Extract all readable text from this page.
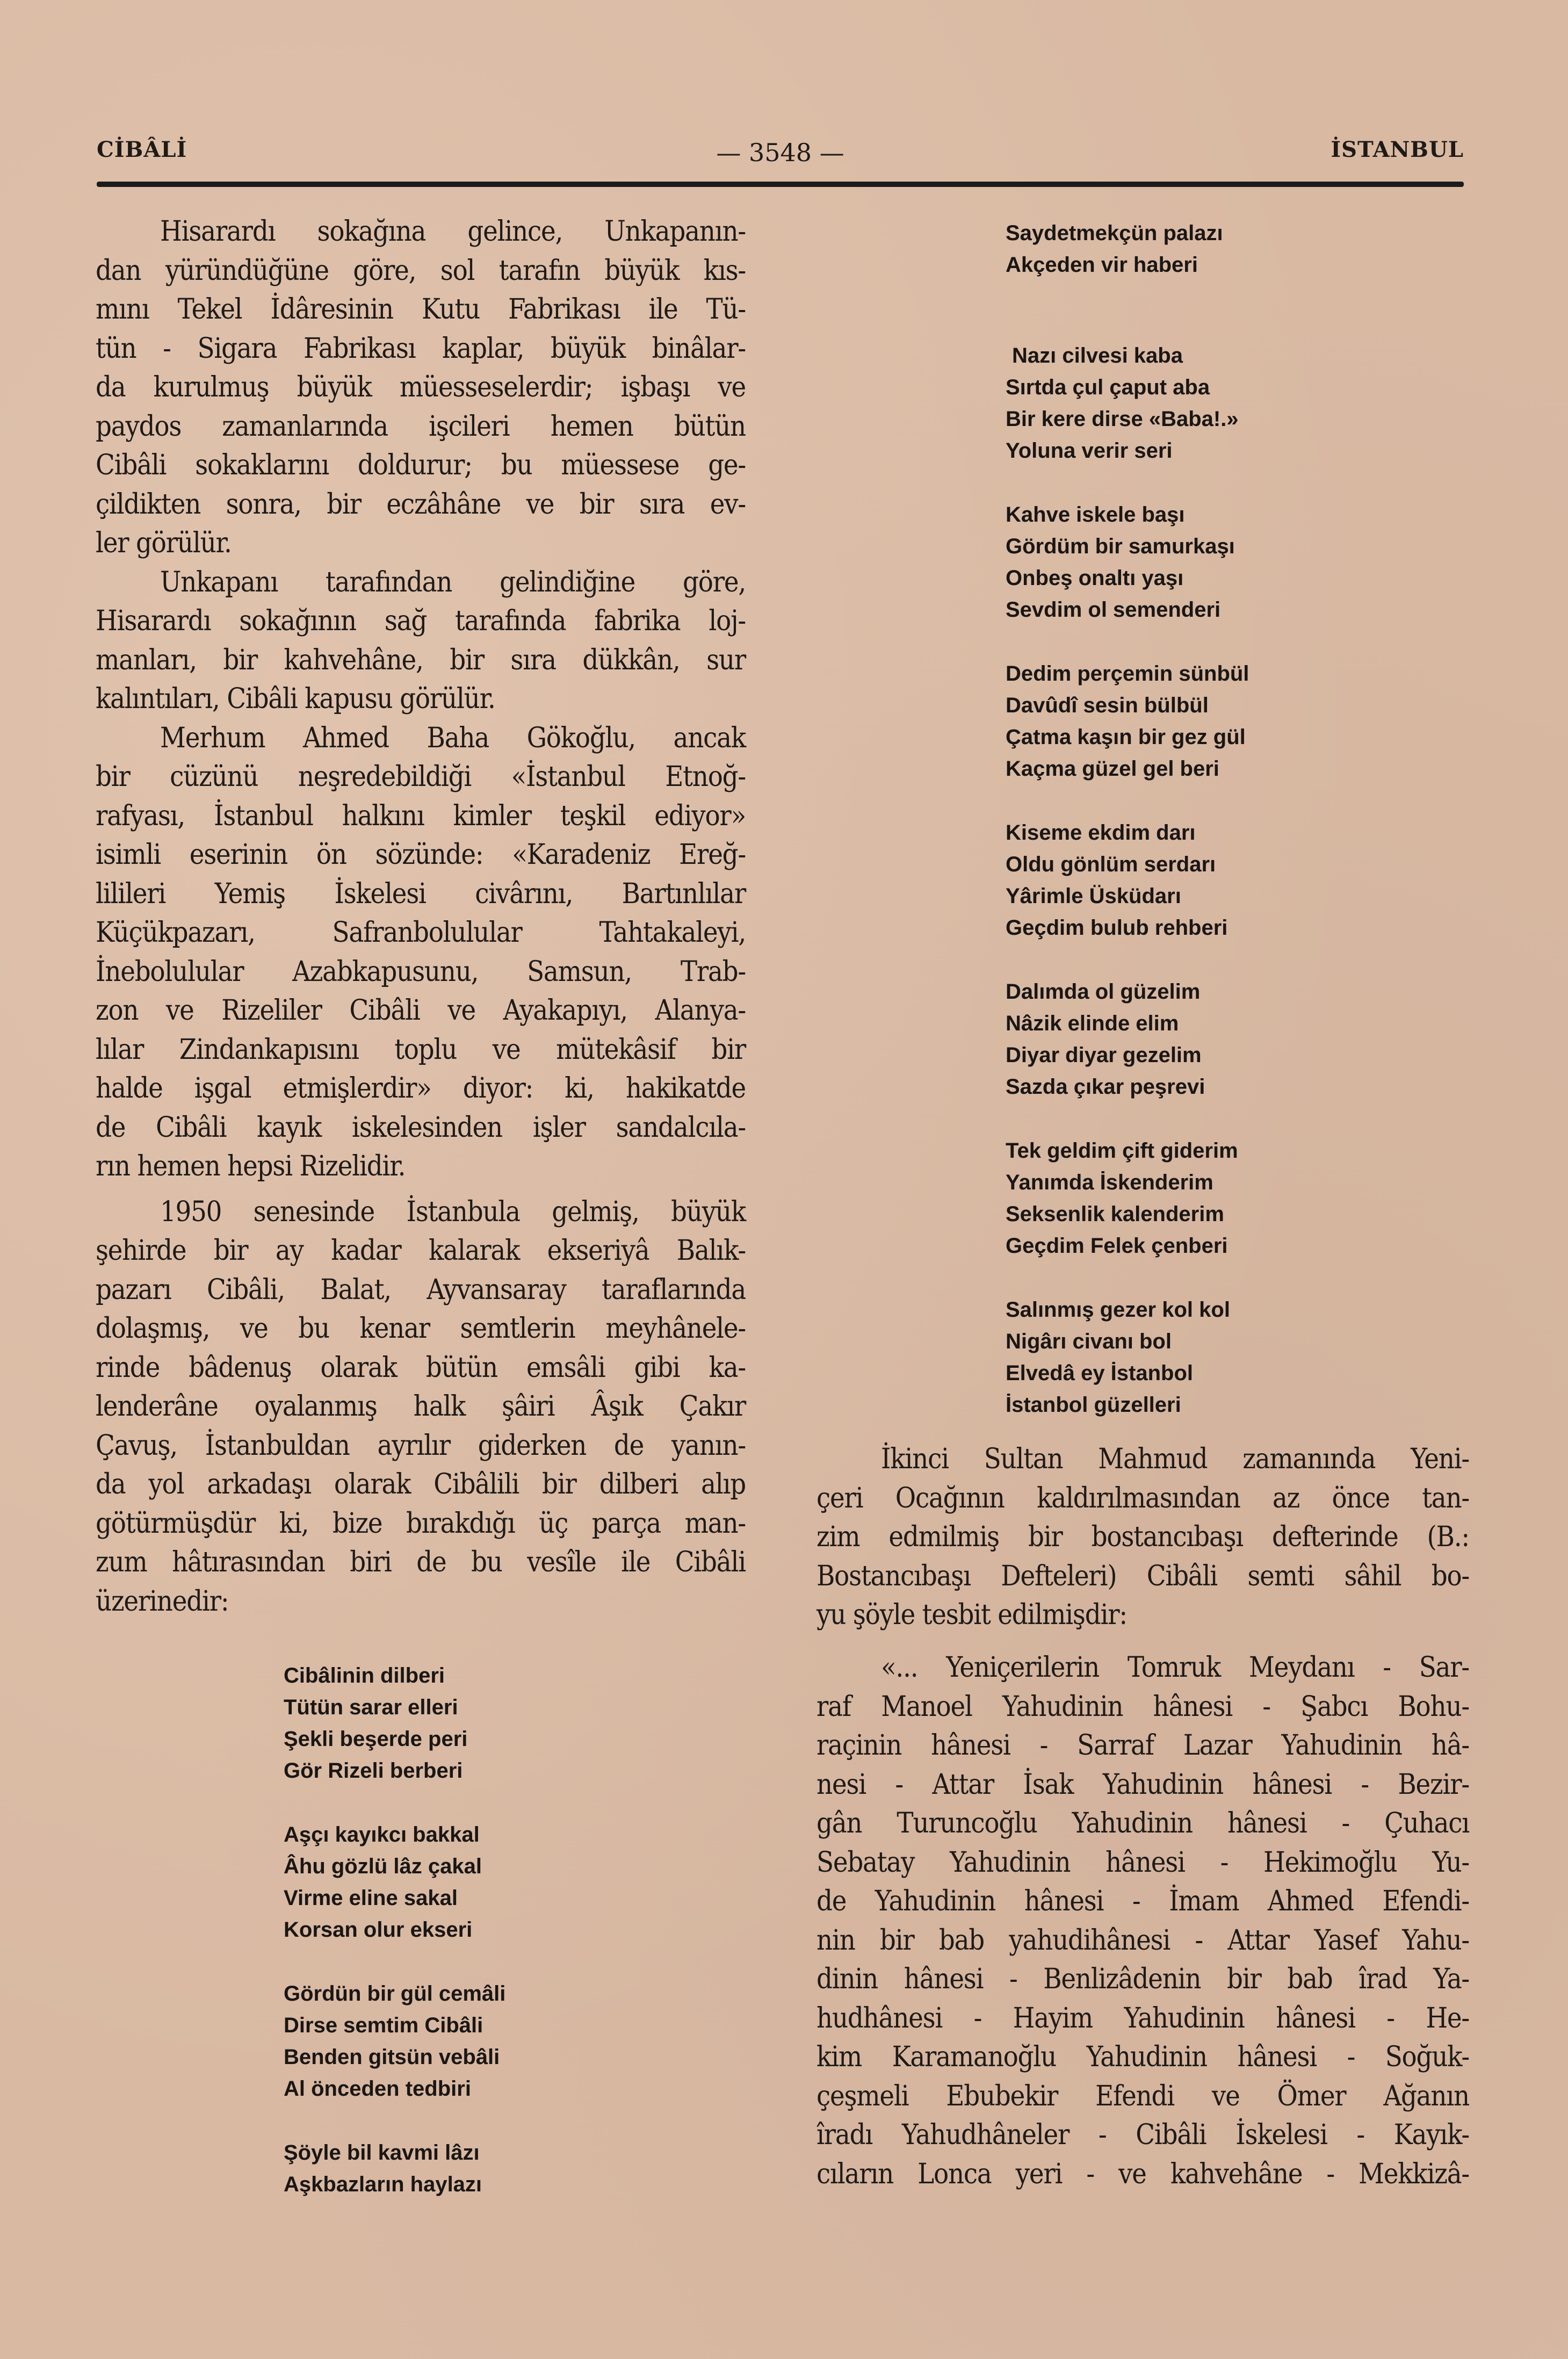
CİBÂLİ	— 3548 —	İSTANBUL
Hisarardı sokağına gelince, Unkapanın-
dan yüründüğüne göre, sol tarafın büyük kıs-
mını Tekel İdâresinin Kutu Fabrikası ile Tü-
tün - Sigara Fabrikası kaplar, büyük binâlar-
da kurulmuş büyük müesseselerdir; işbaşı ve
paydos zamanlarında işcileri hemen bütün
Cibâli sokaklarını doldurur; bu müessese ge-
çildikten sonra, bir eczâhâne ve bir sıra ev-
ler görülür.
Unkapanı tarafından gelindiğine göre,
Hisarardı sokağının sağ tarafında fabrika loj-
manları, bir kahvehâne, bir sıra dükkân, sur
kalıntıları, Cibâli kapusu görülür.
Merhum Ahmed Baha Gökoğlu, ancak
bir cüzünü neşredebildiği «İstanbul Etnoğ-
rafyası, İstanbul halkını kimler teşkil ediyor»
isimli eserinin ön sözünde: «Karadeniz Ereğ-
lilileri Yemiş İskelesi civârını, Bartınlılar
Küçükpazarı, Safranbolulular Tahtakaleyi,
İnebolulular Azabkapusunu, Samsun, Trab-
zon ve Rizeliler Cibâli ve Ayakapıyı, Alanya-
lılar Zindankapısını toplu ve mütekâsif bir
halde işgal etmişlerdir» diyor: ki, hakikatde
de Cibâli kayık iskelesinden işler sandalcıla-
rın hemen hepsi Rizelidir.
1950 senesinde İstanbula gelmiş, büyük
şehirde bir ay kadar kalarak ekseriyâ Balık-
pazarı Cibâli, Balat, Ayvansaray taraflarında
dolaşmış, ve bu kenar semtlerin meyhânele-
rinde bâdenuş olarak bütün emsâli gibi ka-
lenderâne oyalanmış halk şâiri Âşık Çakır
Çavuş, İstanbuldan ayrılır giderken de yanın-
da yol arkadaşı olarak Cibâlili bir dilberi alıp
götürmüşdür ki, bize bırakdığı üç parça man-
zum hâtırasından biri de bu vesîle ile Cibâli
üzerinedir:
Cibâlinin dilberi
Tütün sarar elleri
Şekli beşerde peri
Gör Rizeli berberi
Aşçı kayıkcı bakkal
Âhu gözlü lâz çakal
Virme eline sakal
Korsan olur ekseri
Gördün bir gül cemâli
Dirse semtim Cibâli
Benden gitsün vebâli
Al önceden tedbiri
Şöyle bil kavmi lâzı
Aşkbazların haylazı
Saydetmekçün palazı
Akçeden vir haberi
Nazı cilvesi kaba
Sırtda çul çaput aba
Bir kere dirse «Baba!.»
Yoluna verir seri
Kahve iskele başı
Gördüm bir samurkaşı
Onbeş onaltı yaşı
Sevdim ol semenderi
Dedim perçemin sünbül
Davûdî sesin bülbül
Çatma kaşın bir gez gül
Kaçma güzel gel beri
Kiseme ekdim darı
Oldu gönlüm serdarı
Yârimle Üsküdarı
Geçdim bulub rehberi
Dalımda ol güzelim
Nâzik elinde elim
Diyar diyar gezelim
Sazda çıkar peşrevi
Tek geldim çift giderim
Yanımda İskenderim
Seksenlik kalenderim
Geçdim Felek çenberi
Salınmış gezer kol kol
Nigârı civanı bol
Elvedâ ey İstanbol
İstanbol güzelleri
İkinci Sultan Mahmud zamanında Yeni-
çeri Ocağının kaldırılmasından az önce tan-
zim edmilmiş bir bostancıbaşı defterinde (B.:
Bostancıbaşı Defteleri) Cibâli semti sâhil bo-
yu şöyle tesbit edilmişdir:
«... Yeniçerilerin Tomruk Meydanı - Sar-
raf Manoel Yahudinin hânesi - Şabcı Bohu-
raçinin hânesi - Sarraf Lazar Yahudinin hâ-
nesi - Attar İsak Yahudinin hânesi - Bezir-
gân Turuncoğlu Yahudinin hânesi - Çuhacı
Sebatay Yahudinin hânesi - Hekimoğlu Yu-
de Yahudinin hânesi - İmam Ahmed Efendi-
nin bir bab yahudihânesi - Attar Yasef Yahu-
dinin hânesi - Benlizâdenin bir bab îrad Ya-
hudhânesi - Hayim Yahudinin hânesi - He-
kim Karamanoğlu Yahudinin hânesi - Soğuk-
çeşmeli Ebubekir Efendi ve Ömer Ağanın
îradı Yahudhâneler - Cibâli İskelesi - Kayık-
cıların Lonca yeri - ve kahvehâne - Mekkizâ-
